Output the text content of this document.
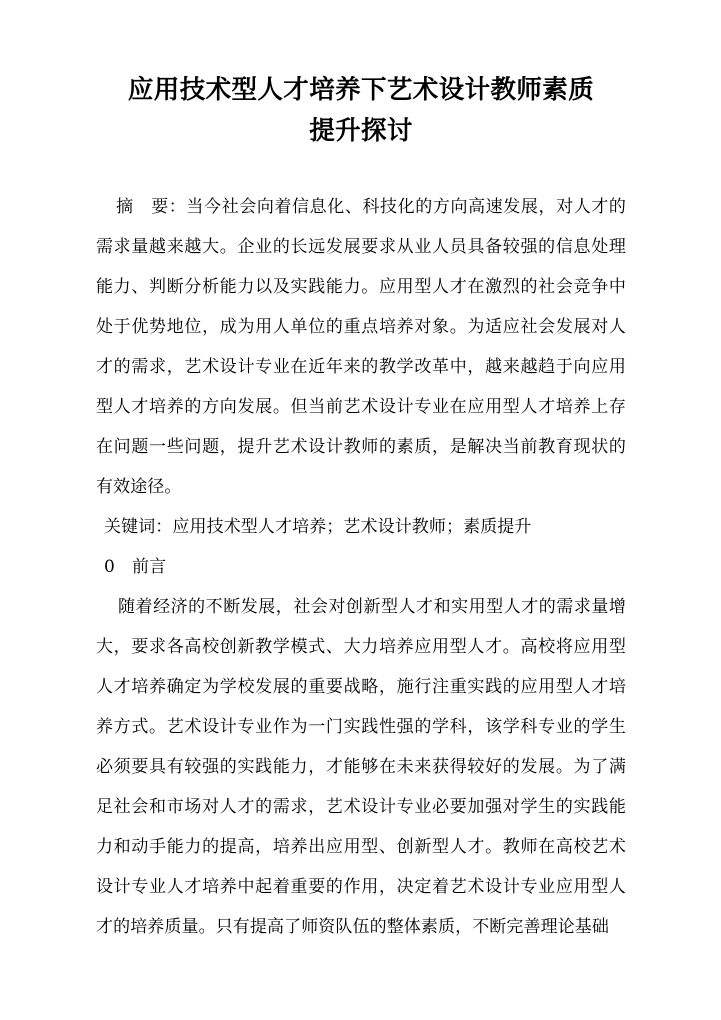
应用技术型人才培养下艺术设计教师素质
提升探讨

摘　要：当今社会向着信息化、科技化的方向高速发展，对人才的需求量越来越大。企业的长远发展要求从业人员具备较强的信息处理能力、判断分析能力以及实践能力。应用型人才在激烈的社会竞争中处于优势地位，成为用人单位的重点培养对象。为适应社会发展对人才的需求，艺术设计专业在近年来的教学改革中，越来越趋于向应用型人才培养的方向发展。但当前艺术设计专业在应用型人才培养上存在问题一些问题，提升艺术设计教师的素质，是解决当前教育现状的有效途径。

关键词：应用技术型人才培养；艺术设计教师；素质提升

0　前言

随着经济的不断发展，社会对创新型人才和实用型人才的需求量增大，要求各高校创新教学模式、大力培养应用型人才。高校将应用型人才培养确定为学校发展的重要战略，施行注重实践的应用型人才培养方式。艺术设计专业作为一门实践性强的学科，该学科专业的学生必须要具有较强的实践能力，才能够在未来获得较好的发展。为了满足社会和市场对人才的需求，艺术设计专业必要加强对学生的实践能力和动手能力的提高，培养出应用型、创新型人才。教师在高校艺术设计专业人才培养中起着重要的作用，决定着艺术设计专业应用型人才的培养质量。只有提高了师资队伍的整体素质，不断完善理论基础
